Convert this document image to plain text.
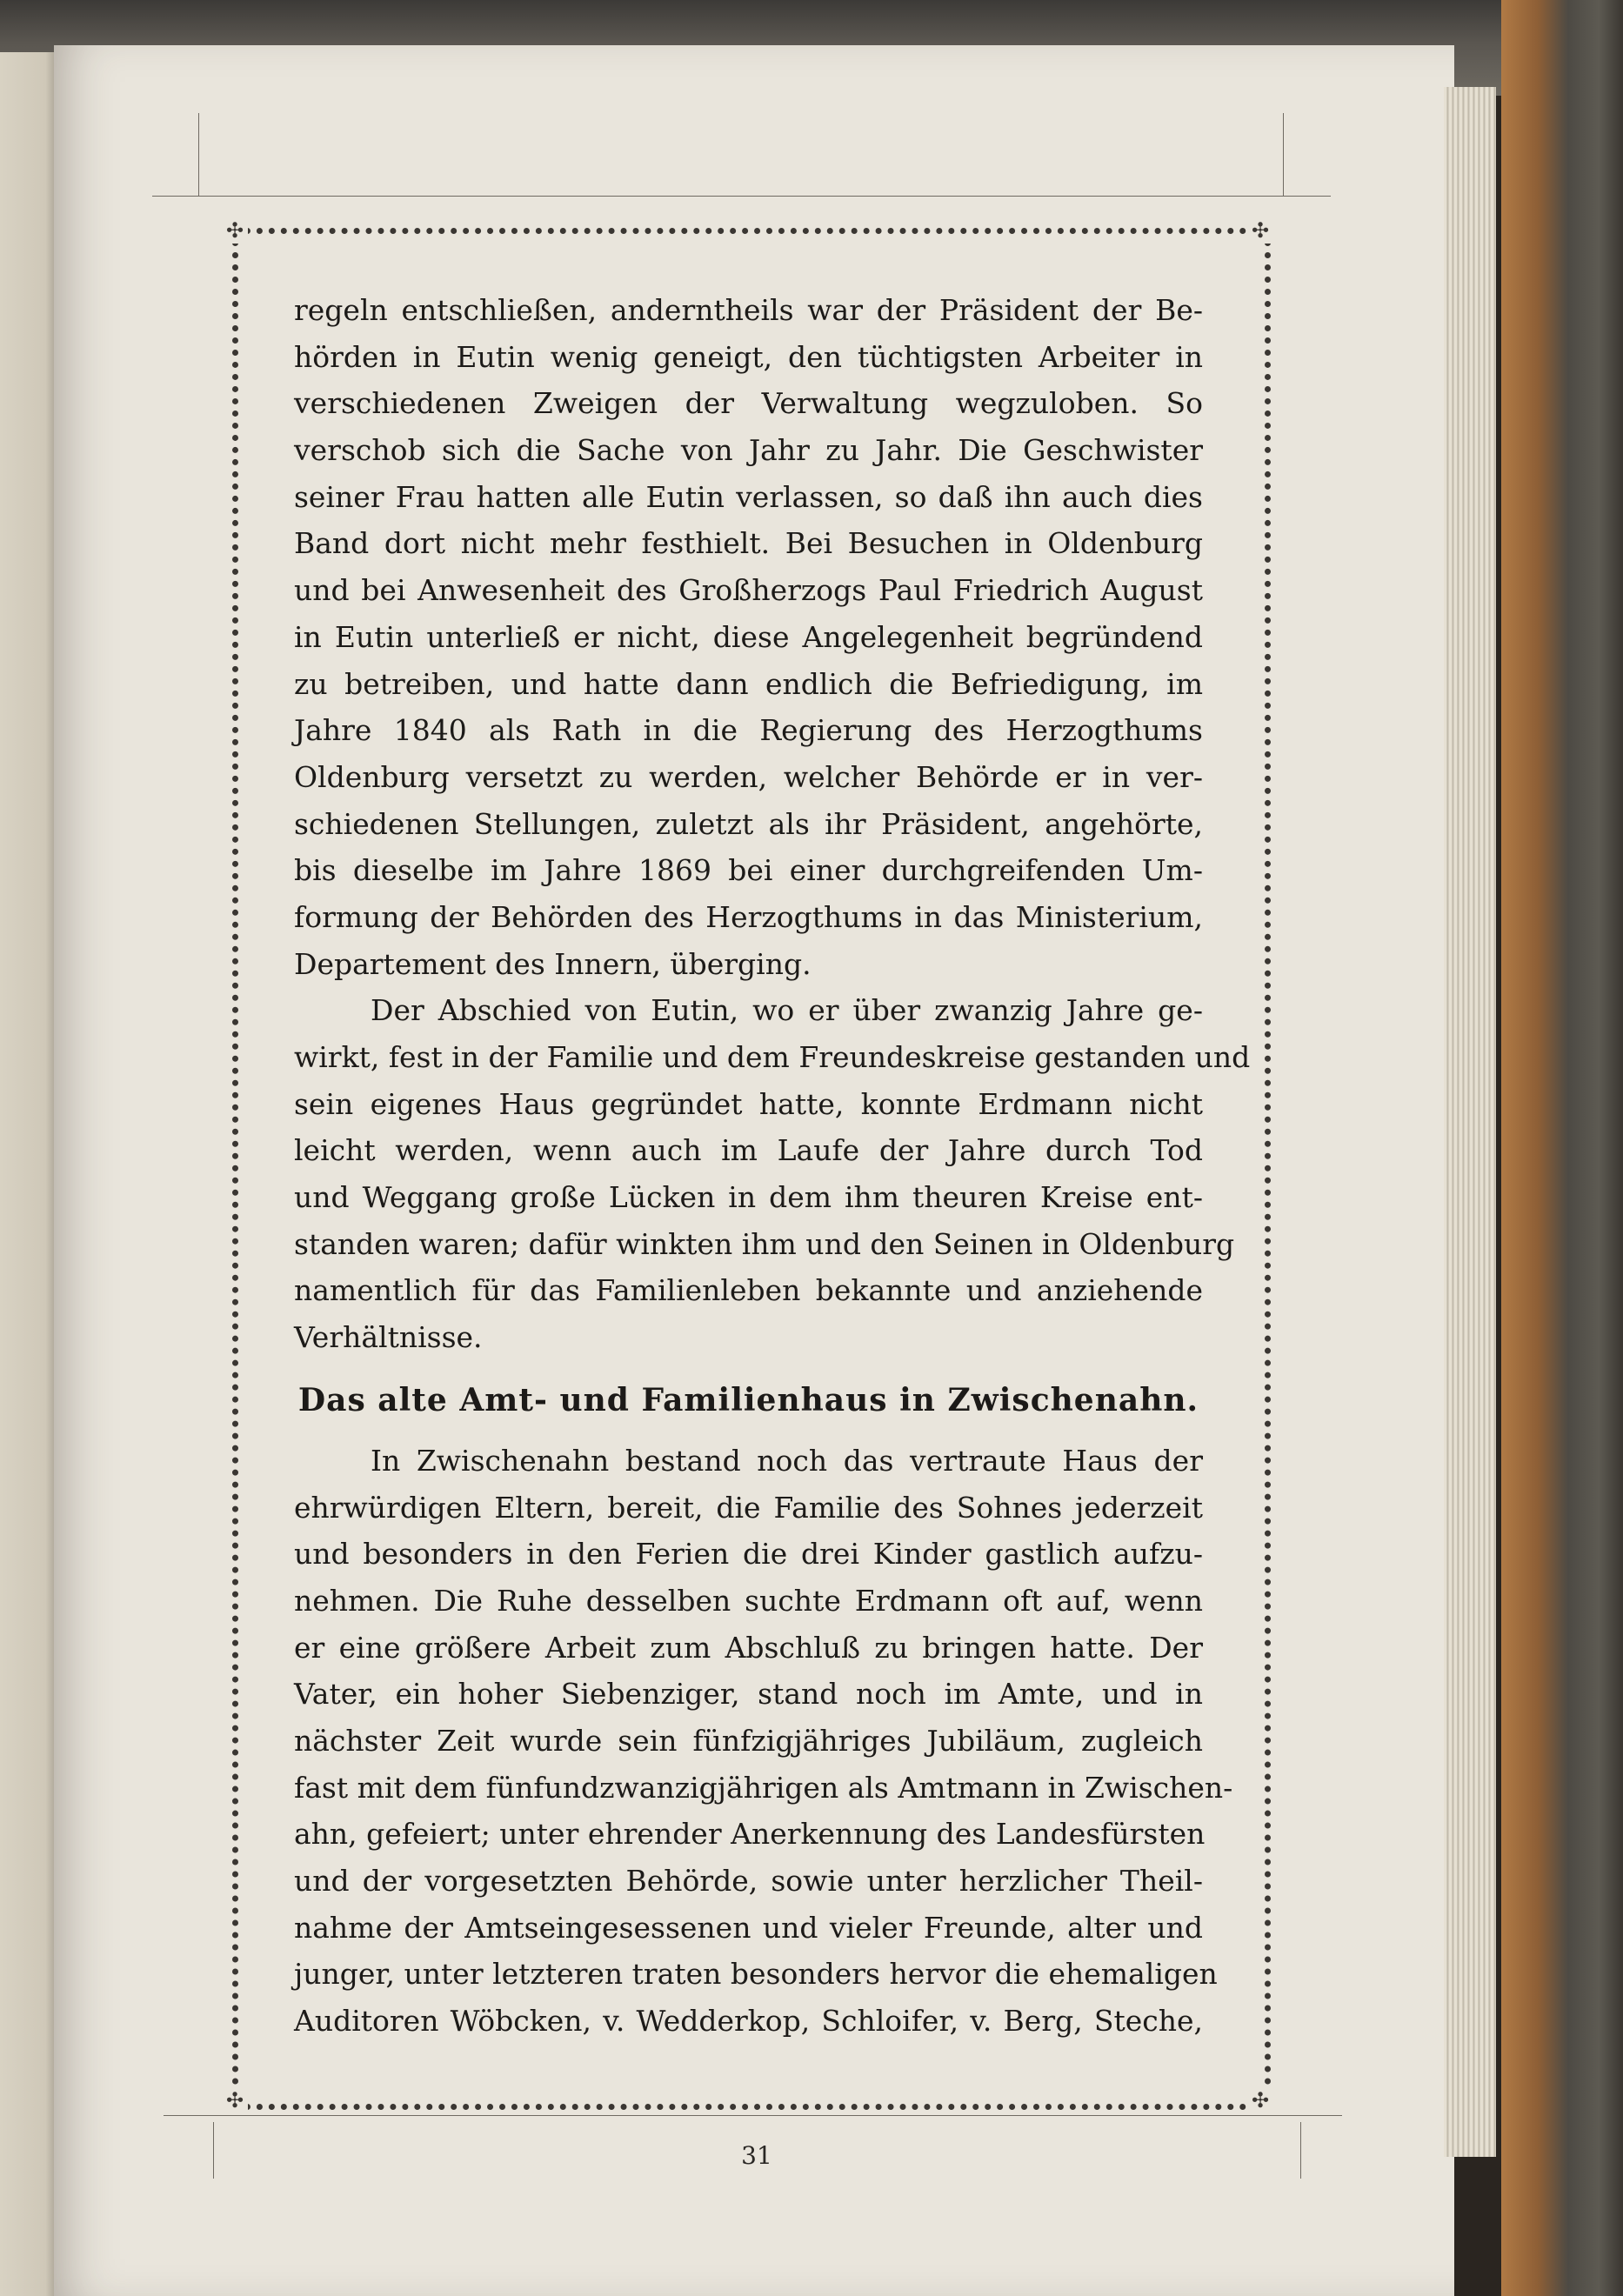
✣	✣
✣	✣
regeln entschließen, anderntheils war der Präsident der Be-
hörden in Eutin wenig geneigt, den tüchtigsten Arbeiter in
verschiedenen Zweigen der Verwaltung wegzuloben. So
verschob sich die Sache von Jahr zu Jahr. Die Geschwister
seiner Frau hatten alle Eutin verlassen, so daß ihn auch dies
Band dort nicht mehr festhielt. Bei Besuchen in Oldenburg
und bei Anwesenheit des Großherzogs Paul Friedrich August
in Eutin unterließ er nicht, diese Angelegenheit begründend
zu betreiben, und hatte dann endlich die Befriedigung, im
Jahre 1840 als Rath in die Regierung des Herzogthums
Oldenburg versetzt zu werden, welcher Behörde er in ver-
schiedenen Stellungen, zuletzt als ihr Präsident, angehörte,
bis dieselbe im Jahre 1869 bei einer durchgreifenden Um-
formung der Behörden des Herzogthums in das Ministerium,
Departement des Innern, überging.
Der Abschied von Eutin, wo er über zwanzig Jahre ge-
wirkt, fest in der Familie und dem Freundeskreise gestanden und
sein eigenes Haus gegründet hatte, konnte Erdmann nicht
leicht werden, wenn auch im Laufe der Jahre durch Tod
und Weggang große Lücken in dem ihm theuren Kreise ent-
standen waren; dafür winkten ihm und den Seinen in Oldenburg
namentlich für das Familienleben bekannte und anziehende
Verhältnisse.
Das alte Amt- und Familienhaus in Zwischenahn.
In Zwischenahn bestand noch das vertraute Haus der
ehrwürdigen Eltern, bereit, die Familie des Sohnes jederzeit
und besonders in den Ferien die drei Kinder gastlich aufzu-
nehmen. Die Ruhe desselben suchte Erdmann oft auf, wenn
er eine größere Arbeit zum Abschluß zu bringen hatte. Der
Vater, ein hoher Siebenziger, stand noch im Amte, und in
nächster Zeit wurde sein fünfzigjähriges Jubiläum, zugleich
fast mit dem fünfundzwanzigjährigen als Amtmann in Zwischen-
ahn, gefeiert; unter ehrender Anerkennung des Landesfürsten
und der vorgesetzten Behörde, sowie unter herzlicher Theil-
nahme der Amtseingesessenen und vieler Freunde, alter und
junger, unter letzteren traten besonders hervor die ehemaligen
Auditoren Wöbcken, v. Wedderkop, Schloifer, v. Berg, Steche,
31
